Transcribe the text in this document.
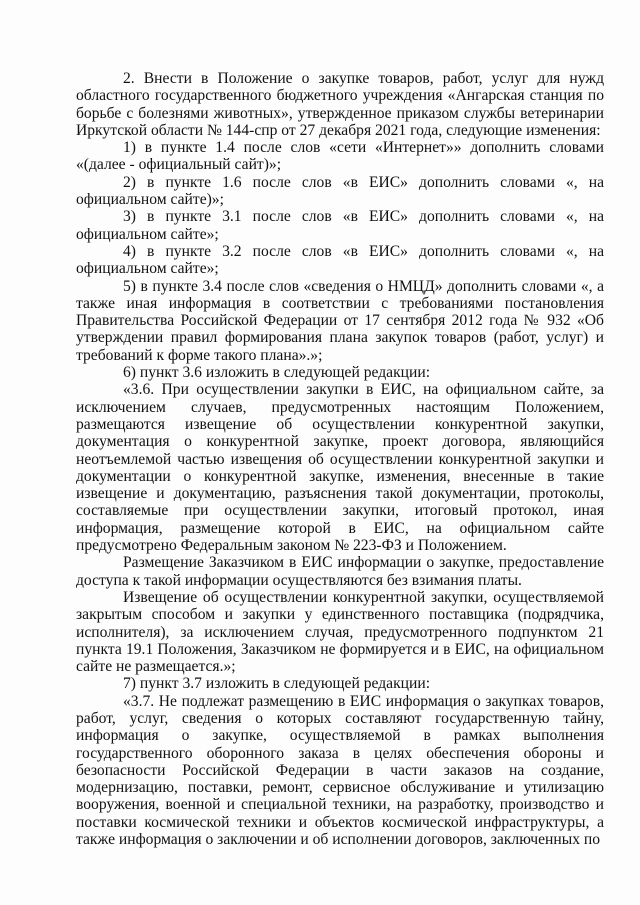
2. Внести в Положение о закупке товаров, работ, услуг для нужд областного государственного бюджетного учреждения «Ангарская станция по борьбе с болезнями животных», утвержденное приказом службы ветеринарии Иркутской области № 144-спр от 27 декабря 2021 года, следующие изменения:

1) в пункте 1.4 после слов «сети «Интернет»» дополнить словами «(далее - официальный сайт)»;

2) в пункте 1.6 после слов «в ЕИС» дополнить словами «, на официальном сайте)»;

3) в пункте 3.1 после слов «в ЕИС» дополнить словами «, на официальном сайте»;

4) в пункте 3.2 после слов «в ЕИС» дополнить словами «, на официальном сайте»;

5) в пункте 3.4 после слов «сведения о НМЦД» дополнить словами «, а также иная информация в соответствии с требованиями постановления Правительства Российской Федерации от 17 сентября 2012 года № 932 «Об утверждении правил формирования плана закупок товаров (работ, услуг) и требований к форме такого плана».»;

6) пункт 3.6 изложить в следующей редакции:

«3.6. При осуществлении закупки в ЕИС, на официальном сайте, за исключением случаев, предусмотренных настоящим Положением, размещаются извещение об осуществлении конкурентной закупки, документация о конкурентной закупке, проект договора, являющийся неотъемлемой частью извещения об осуществлении конкурентной закупки и документации о конкурентной закупке, изменения, внесенные в такие извещение и документацию, разъяснения такой документации, протоколы, составляемые при осуществлении закупки, итоговый протокол, иная информация, размещение которой в ЕИС, на официальном сайте предусмотрено Федеральным законом № 223-ФЗ и Положением.

Размещение Заказчиком в ЕИС информации о закупке, предоставление доступа к такой информации осуществляются без взимания платы.

Извещение об осуществлении конкурентной закупки, осуществляемой закрытым способом и закупки у единственного поставщика (подрядчика, исполнителя), за исключением случая, предусмотренного подпунктом 21 пункта 19.1 Положения, Заказчиком не формируется и в ЕИС, на официальном сайте не размещается.»;

7) пункт 3.7 изложить в следующей редакции:

«3.7. Не подлежат размещению в ЕИС информация о закупках товаров, работ, услуг, сведения о которых составляют государственную тайну, информация о закупке, осуществляемой в рамках выполнения государственного оборонного заказа в целях обеспечения обороны и безопасности Российской Федерации в части заказов на создание, модернизацию, поставки, ремонт, сервисное обслуживание и утилизацию вооружения, военной и специальной техники, на разработку, производство и поставки космической техники и объектов космической инфраструктуры, а также информация о заключении и об исполнении договоров, заключенных по
